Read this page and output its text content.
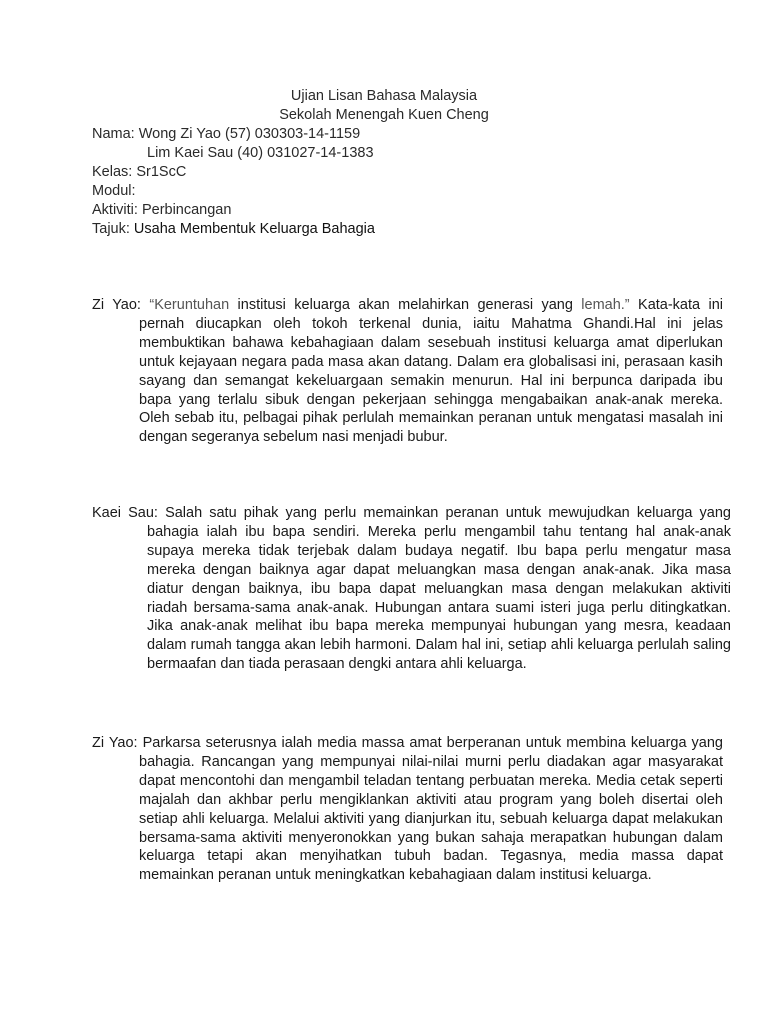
Ujian Lisan Bahasa Malaysia
Sekolah Menengah Kuen Cheng
Nama: Wong Zi Yao (57) 030303-14-1159
Lim Kaei Sau (40) 031027-14-1383
Kelas: Sr1ScC
Modul:
Aktiviti: Perbincangan
Tajuk: Usaha Membentuk Keluarga Bahagia
Zi Yao: “Keruntuhan institusi keluarga akan melahirkan generasi yang lemah.” Kata-kata ini pernah diucapkan oleh tokoh terkenal dunia, iaitu Mahatma Ghandi.Hal ini jelas membuktikan bahawa kebahagiaan dalam sesebuah institusi keluarga amat diperlukan untuk kejayaan negara pada masa akan datang. Dalam era globalisasi ini, perasaan kasih sayang dan semangat kekeluargaan semakin menurun. Hal ini berpunca daripada ibu bapa yang terlalu sibuk dengan pekerjaan sehingga mengabaikan anak-anak mereka. Oleh sebab itu, pelbagai pihak perlulah memainkan peranan untuk mengatasi masalah ini dengan segeranya sebelum nasi menjadi bubur.
Kaei Sau: Salah satu pihak yang perlu memainkan peranan untuk mewujudkan keluarga yang bahagia ialah ibu bapa sendiri. Mereka perlu mengambil tahu tentang hal anak-anak supaya mereka tidak terjebak dalam budaya negatif. Ibu bapa perlu mengatur masa mereka dengan baiknya agar dapat meluangkan masa dengan anak-anak. Jika masa diatur dengan baiknya, ibu bapa dapat meluangkan masa dengan melakukan aktiviti riadah bersama-sama anak-anak. Hubungan antara suami isteri juga perlu ditingkatkan. Jika anak-anak melihat ibu bapa mereka mempunyai hubungan yang mesra, keadaan dalam rumah tangga akan lebih harmoni. Dalam hal ini, setiap ahli keluarga perlulah saling bermaafan dan tiada perasaan dengki antara ahli keluarga.
Zi Yao: Parkarsa seterusnya ialah media massa amat berperanan untuk membina keluarga yang bahagia. Rancangan yang mempunyai nilai-nilai murni perlu diadakan agar masyarakat dapat mencontohi dan mengambil teladan tentang perbuatan mereka. Media cetak seperti majalah dan akhbar perlu mengiklankan aktiviti atau program yang boleh disertai oleh setiap ahli keluarga. Melalui aktiviti yang dianjurkan itu, sebuah keluarga dapat melakukan bersama-sama aktiviti menyeronokkan yang bukan sahaja merapatkan hubungan dalam keluarga tetapi akan menyihatkan tubuh badan. Tegasnya, media massa dapat memainkan peranan untuk meningkatkan kebahagiaan dalam institusi keluarga.
